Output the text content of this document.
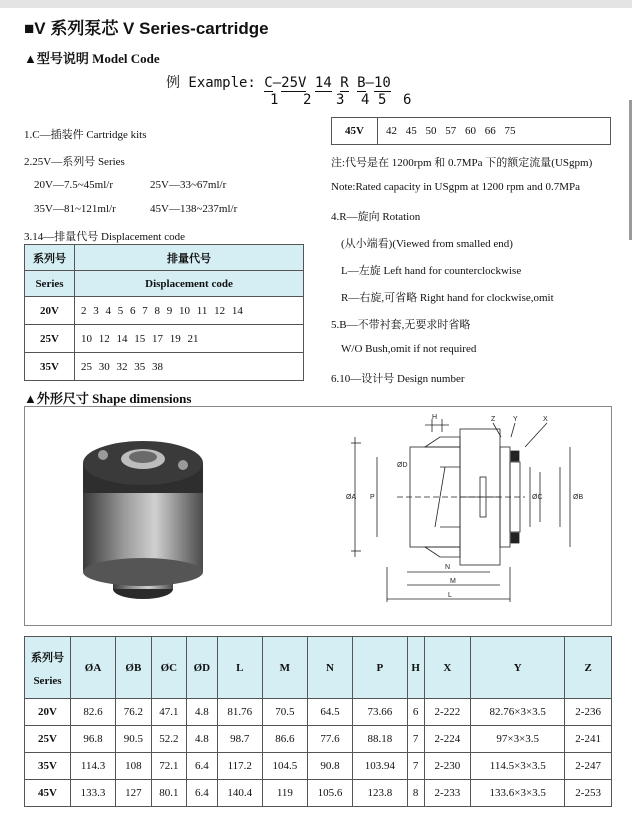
■V 系列泵芯 V Series-cartridge
▲型号说明 Model Code
例 Example: C—25V 14 R B—10
1 2 3 4 5 6
1.C—插装件 Cartridge kits
2.25V—系列号 Series
20V—7.5~45ml/r	25V—33~67ml/r
35V—81~121ml/r	45V—138~237ml/r
3.14—排量代号 Displacement code
系列号	排量代号
Series	Displacement code
20V	2 3 4 5 6 7 8 9 10 11 12 14
25V	10 12 14 15 17 19 21
35V	25 30 32 35 38
45V	42 45 50 57 60 66 75
注:代号是在 1200rpm 和 0.7MPa 下的额定流量(USgpm)
Note:Rated capacity in USgpm at 1200 rpm and 0.7MPa
4.R—旋向 Rotation
(从小端看)(Viewed from smalled end)
L—左旋 Left hand for counterclockwise
R—右旋,可省略 Right hand for clockwise,omit
5.B—不带衬套,无要求时省略
W/O Bush,omit if not required
6.10—设计号 Design number
▲外形尺寸 Shape dimensions
H	Z	Y	X
ØD
ØA P	ØC	ØB
N
M
L
系列号
Series	ØA	ØB	ØC	ØD	L	M	N	P	H	X	Y	Z
20V	82.6	76.2	47.1	4.8	81.76	70.5	64.5	73.66	6	2-222	82.76×3×3.5	2-236
25V	96.8	90.5	52.2	4.8	98.7	86.6	77.6	88.18	7	2-224	97×3×3.5	2-241
35V	114.3	108	72.1	6.4	117.2	104.5	90.8	103.94	7	2-230	114.5×3×3.5	2-247
45V	133.3	127	80.1	6.4	140.4	119	105.6	123.8	8	2-233	133.6×3×3.5	2-253
